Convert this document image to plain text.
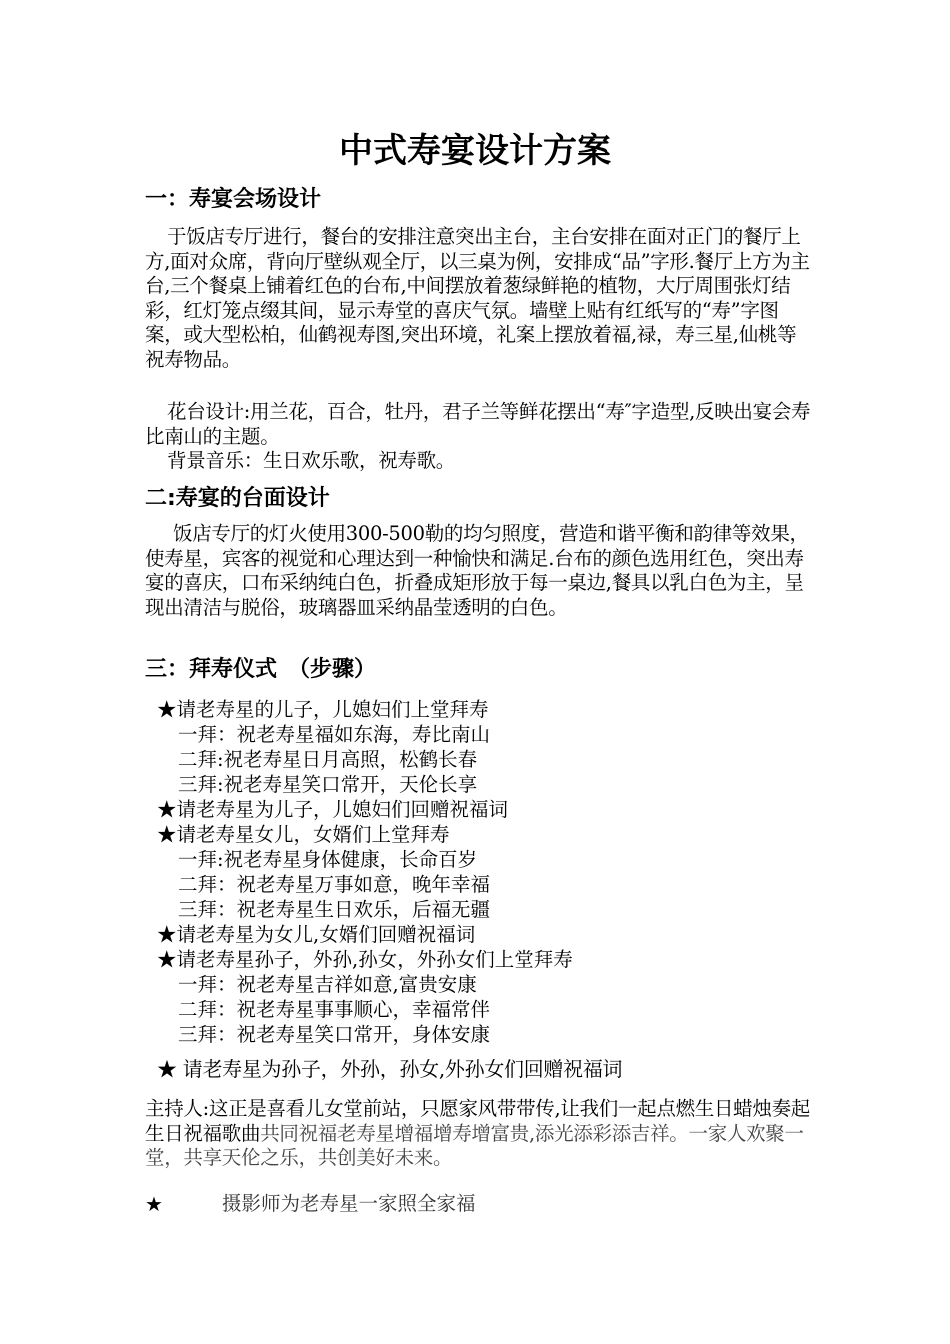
中式寿宴设计方案
一：寿宴会场设计

于饭店专厅进行，餐台的安排注意突出主台，主台安排在面对正门的餐厅上方,面对众席，背向厅壁纵观全厅，以三桌为例，安排成“品”字形.餐厅上方为主台,三个餐桌上铺着红色的台布,中间摆放着葱绿鲜艳的植物，大厅周围张灯结彩，红灯笼点缀其间，显示寿堂的喜庆气氛。墙壁上贴有红纸写的“寿”字图案，或大型松柏，仙鹤视寿图,突出环境，礼案上摆放着福,禄，寿三星,仙桃等祝寿物品。

花台设计:用兰花，百合，牡丹，君子兰等鲜花摆出“寿″字造型,反映出宴会寿比南山的主题。

背景音乐：生日欢乐歌，祝寿歌。

二:寿宴的台面设计

饭店专厅的灯火使用300-500勒的均匀照度，营造和谐平衡和韵律等效果，使寿星，宾客的视觉和心理达到一种愉快和满足.台布的颜色选用红色，突出寿宴的喜庆，口布采纳纯白色，折叠成矩形放于每一桌边,餐具以乳白色为主，呈现出清洁与脱俗，玻璃器皿采纳晶莹透明的白色。

三：拜寿仪式　（步骤）
★请老寿星的儿子，儿媳妇们上堂拜寿
一拜：祝老寿星福如东海，寿比南山
二拜:祝老寿星日月高照，松鹤长春
三拜:祝老寿星笑口常开，天伦长享
★请老寿星为儿子，儿媳妇们回赠祝福词
★请老寿星女儿，女婿们上堂拜寿
一拜:祝老寿星身体健康，长命百岁
二拜：祝老寿星万事如意，晚年幸福
三拜：祝老寿星生日欢乐，后福无疆
★请老寿星为女儿,女婿们回赠祝福词
★请老寿星孙子，外孙,孙女，外孙女们上堂拜寿
一拜：祝老寿星吉祥如意,富贵安康
二拜：祝老寿星事事顺心，幸福常伴
三拜：祝老寿星笑口常开，身体安康

★ 请老寿星为孙子，外孙，孙女,外孙女们回赠祝福词

主持人:这正是喜看儿女堂前站，只愿家风带带传,让我们一起点燃生日蜡烛奏起生日祝福歌曲共同祝福老寿星增福增寿增富贵,添光添彩添吉祥。一家人欢聚一堂，共享天伦之乐，共创美好未来。

★	摄影师为老寿星一家照全家福
